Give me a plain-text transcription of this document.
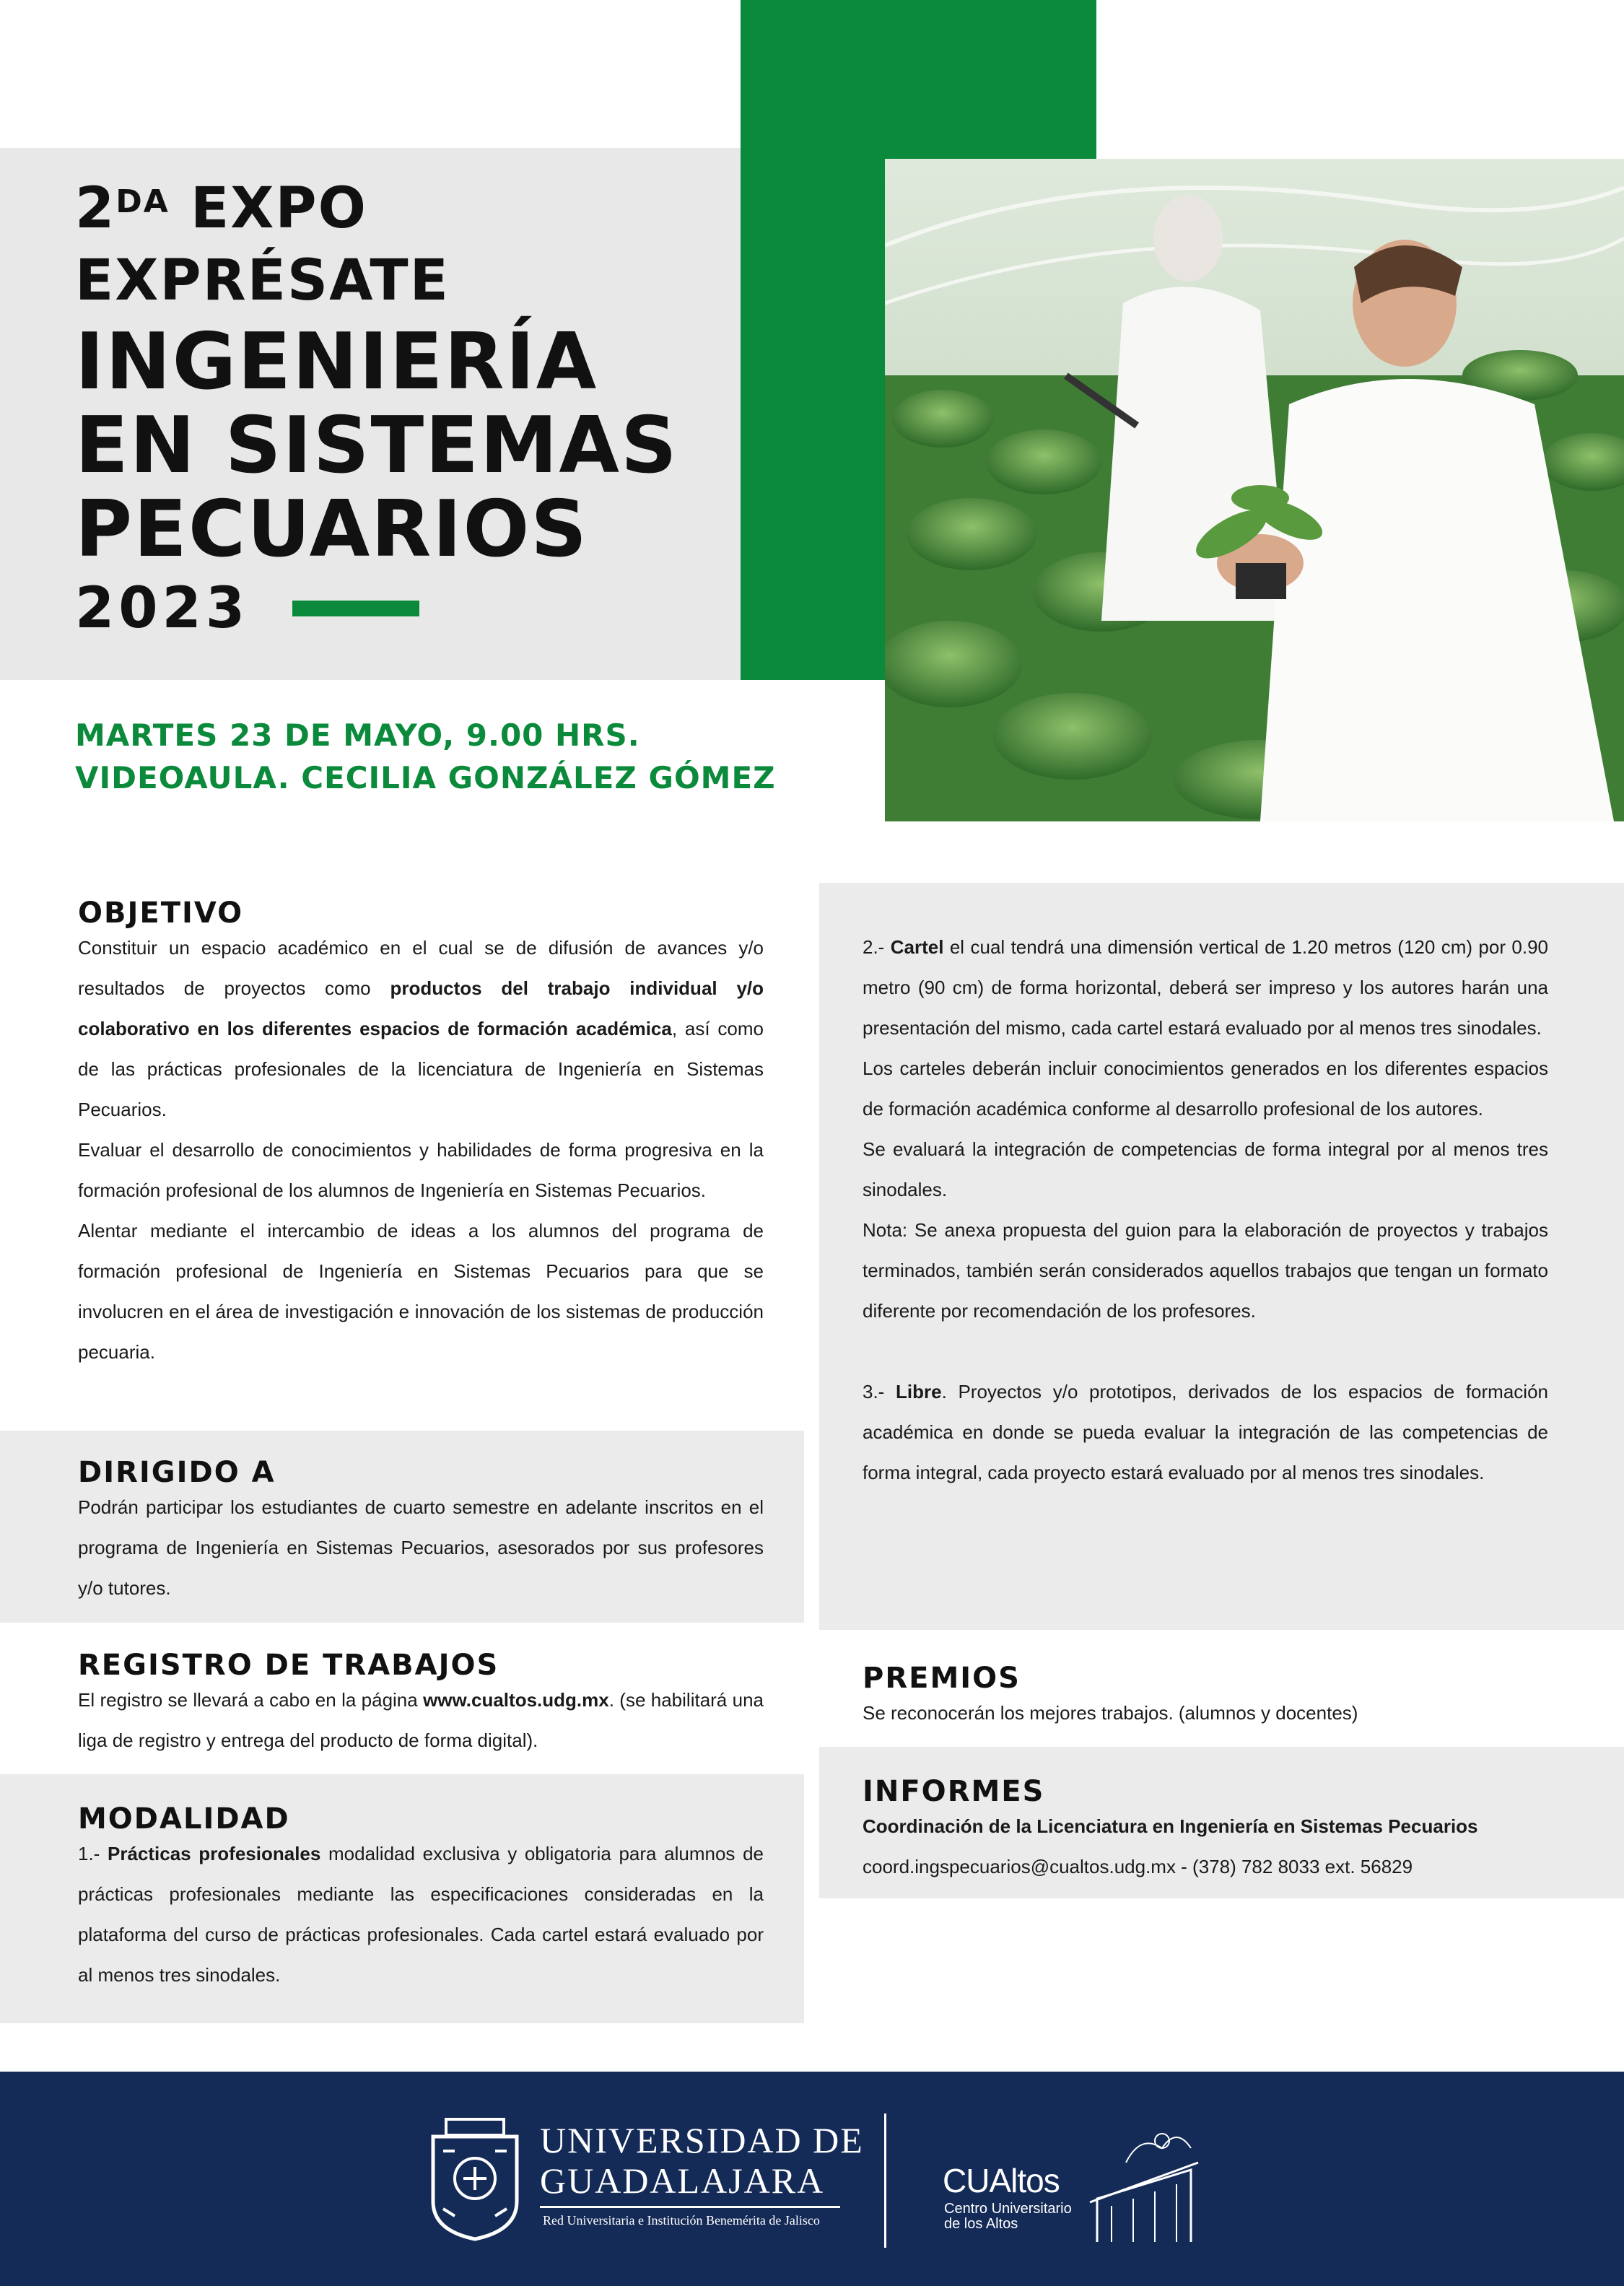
$2^{DA}$ EXPO
EXPRÉSATE
INGENIERÍA
EN SISTEMAS
PECUARIOS
2023
MARTES 23 DE MAYO, 9.00 HRS.
VIDEOAULA. CECILIA GONZÁLEZ GÓMEZ
OBJETIVO

Constituir un espacio académico en el cual se de difusión de avances y/o resultados de proyectos como productos del trabajo individual y/o colaborativo en los diferentes espacios de formación académica, así como de las prácticas profesionales de la licenciatura de Ingeniería en Sistemas Pecuarios.

Evaluar el desarrollo de conocimientos y habilidades de forma progresiva en la formación profesional de los alumnos de Ingeniería en Sistemas Pecuarios.

Alentar mediante el intercambio de ideas a los alumnos del programa de formación profesional de Ingeniería en Sistemas Pecuarios para que se involucren en el área de investigación e innovación de los sistemas de producción pecuaria.

DIRIGIDO A

Podrán participar los estudiantes de cuarto semestre en adelante inscritos en el programa de Ingeniería en Sistemas Pecuarios, asesorados por sus profesores y/o tutores.

REGISTRO DE TRABAJOS

El registro se llevará a cabo en la página www.cualtos.udg.mx. (se habilitará una liga de registro y entrega del producto de forma digital).

MODALIDAD

1.- Prácticas profesionales modalidad exclusiva y obligatoria para alumnos de prácticas profesionales mediante las especificaciones consideradas en la plataforma del curso de prácticas profesionales. Cada cartel estará evaluado por al menos tres sinodales.

2.- Cartel el cual tendrá una dimensión vertical de 1.20 metros (120 cm) por 0.90 metro (90 cm) de forma horizontal, deberá ser impreso y los autores harán una presentación del mismo, cada cartel estará evaluado por al menos tres sinodales.

Los carteles deberán incluir conocimientos generados en los diferentes espacios de formación académica conforme al desarrollo profesional de los autores.

Se evaluará la integración de competencias de forma integral por al menos tres sinodales.

Nota: Se anexa propuesta del guion para la elaboración de proyectos y trabajos terminados, también serán considerados aquellos trabajos que tengan un formato diferente por recomendación de los profesores.

3.- Libre. Proyectos y/o prototipos, derivados de los espacios de formación académica en donde se pueda evaluar la integración de las competencias de forma integral, cada proyecto estará evaluado por al menos tres sinodales.

PREMIOS

Se reconocerán los mejores trabajos. (alumnos y docentes)

INFORMES

Coordinación de la Licenciatura en Ingeniería en Sistemas Pecuarios

coord.ingspecuarios@cualtos.udg.mx - (378) 782 8033 ext. 56829

UNIVERSIDAD DE
GUADALAJARA
Red Universitaria e Institución Benemérita de Jalisco
CUAltos
Centro Universitario
de los Altos
